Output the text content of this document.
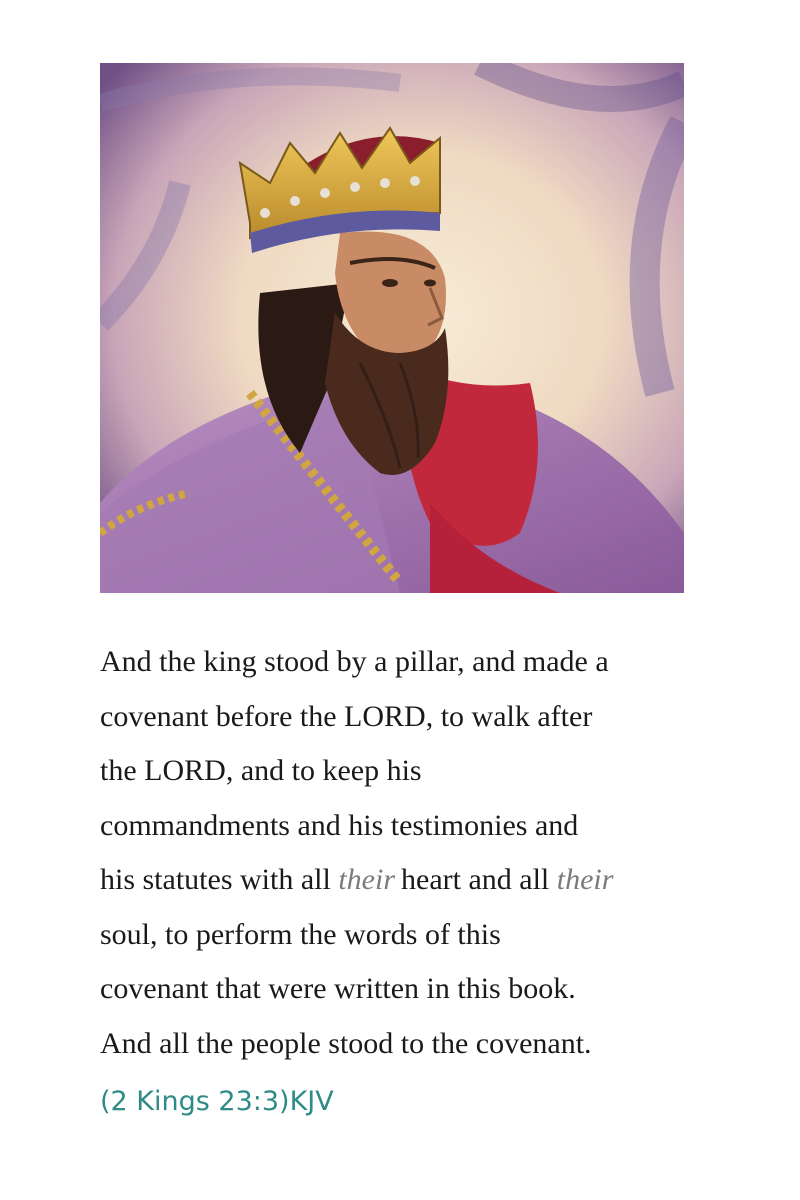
And the king stood by a pillar, and made a
covenant before the LORD, to walk after
the LORD, and to keep his
commandments and his testimonies and
his statutes with all their heart and all their
soul, to perform the words of this
covenant that were written in this book.
And all the people stood to the covenant.

(2 Kings 23:3)KJV
